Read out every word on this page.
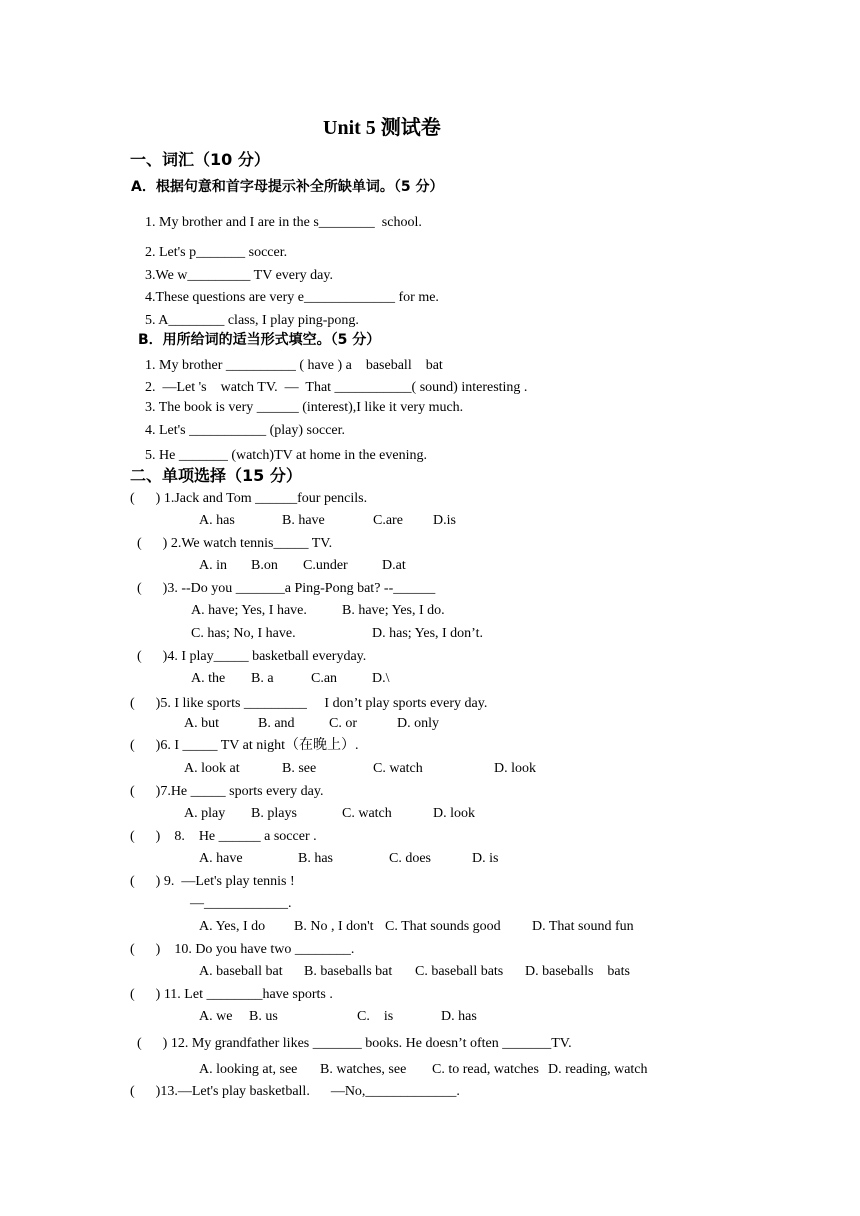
Unit 5 测试卷
一、词汇（10 分）
A．根据句意和首字母提示补全所缺单词。（5 分）
1. My brother and I are in the s________  school.
2. Let's p_______ soccer.
3.We w_________ TV every day.
4.These questions are very e_____________ for me.
5. A________ class, I play ping-pong.
B．用所给词的适当形式填空。（5 分）
1. My brother __________ ( have ) a    baseball    bat
2.  —Let 's    watch TV.  —  That ___________( sound) interesting .
3. The book is very ______ (interest),I like it very much.
4. Let's ___________ (play) soccer.
5. He _______ (watch)TV at home in the evening.
二、单项选择（15 分）
(      ) 1.Jack and Tom ______four pencils.
A. has	B. have	C.are D.is
(      ) 2.We watch tennis_____ TV.
A. in B.on C.under D.at
(      )3. --Do you _______a Ping-Pong bat? --______
A. have; Yes, I have.	B. have; Yes, I do.
C. has; No, I have.	D. has; Yes, I don’t.
(      )4. I play_____ basketball everyday.
A. the B. a	C.an D.\
(      )5. I like sports _________     I don’t play sports every day.
A. but	B. and C. or	D. only
(      )6. I _____ TV at night（在晚上）.
A. look at	B. see	C. watch	D. look
(      )7.He _____ sports every day.
A. play B. plays	C. watch	D. look
(      )    8.    He ______ a soccer .
A. have	B. has	C. does	D. is
(      ) 9.  —Let's play tennis !
—____________.
A. Yes, I do B. No , I don't C. That sounds good D. That sound fun
(      )    10. Do you have two ________.
A. baseball bat B. baseballs bat C. baseball bats D. baseballs    bats
(      ) 11. Let ________have sports .
A. we B. us	C.    is	D. has
(      ) 12. My grandfather likes _______ books. He doesn’t often _______TV.
A. looking at, see B. watches, see C. to read, watches D. reading, watch
(      )13.—Let's play basketball.      —No,_____________.
